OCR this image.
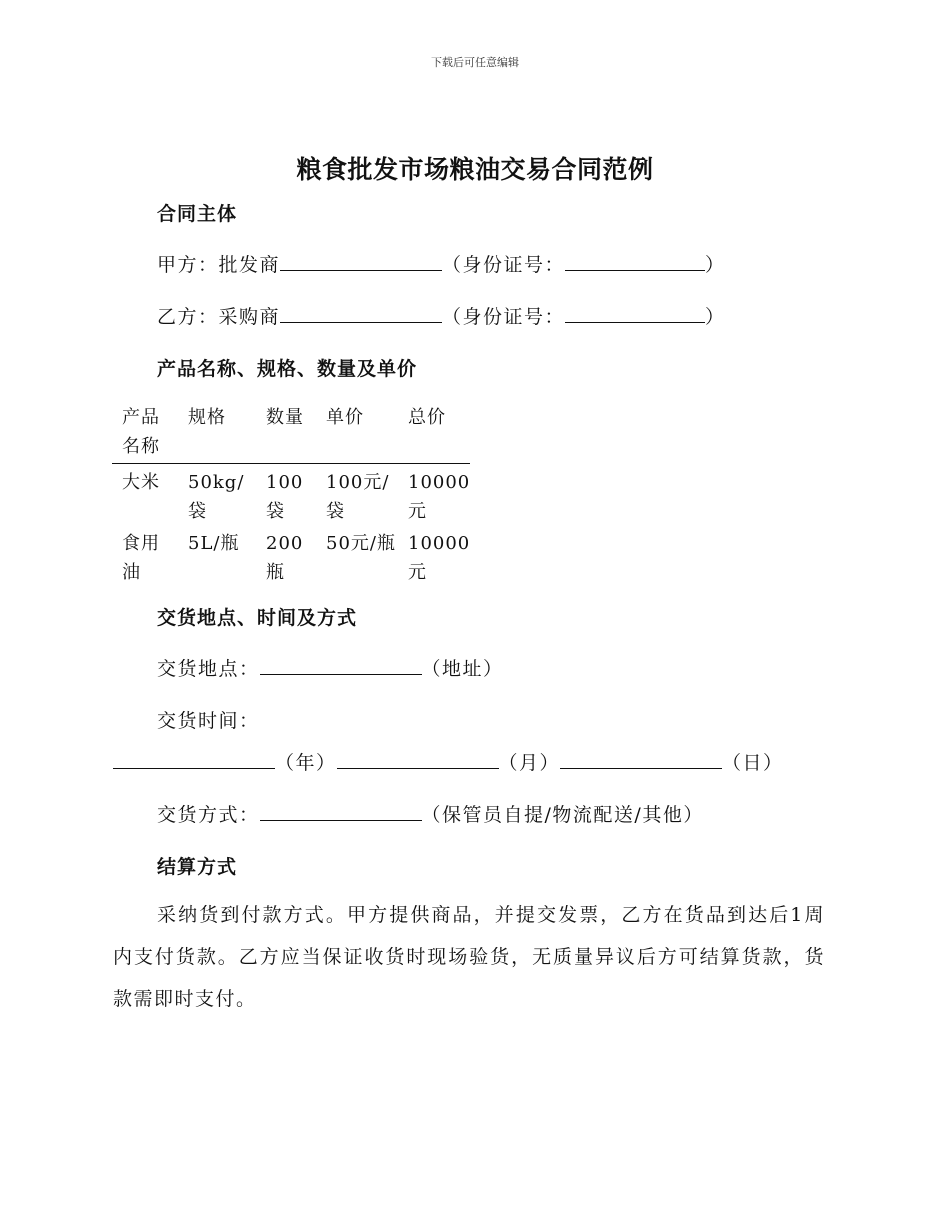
下载后可任意编辑
粮食批发市场粮油交易合同范例
合同主体
甲方：批发商	（身份证号：	）
乙方：采购商	（身份证号：	）
产品名称、规格、数量及单价
产品名称	规格	数量	单价	总价
大米	50kg/袋	100袋	100元/袋	10000元
食用油	5L/瓶	200瓶	50元/瓶	10000元
交货地点、时间及方式
交货地点：	（地址）
交货时间：
（年）	（月）	（日）
交货方式：	（保管员自提/物流配送/其他）
结算方式
采纳货到付款方式。甲方提供商品，并提交发票，乙方在货品到达后1周内支付货款。乙方应当保证收货时现场验货，无质量异议后方可结算货款，货款需即时支付。
